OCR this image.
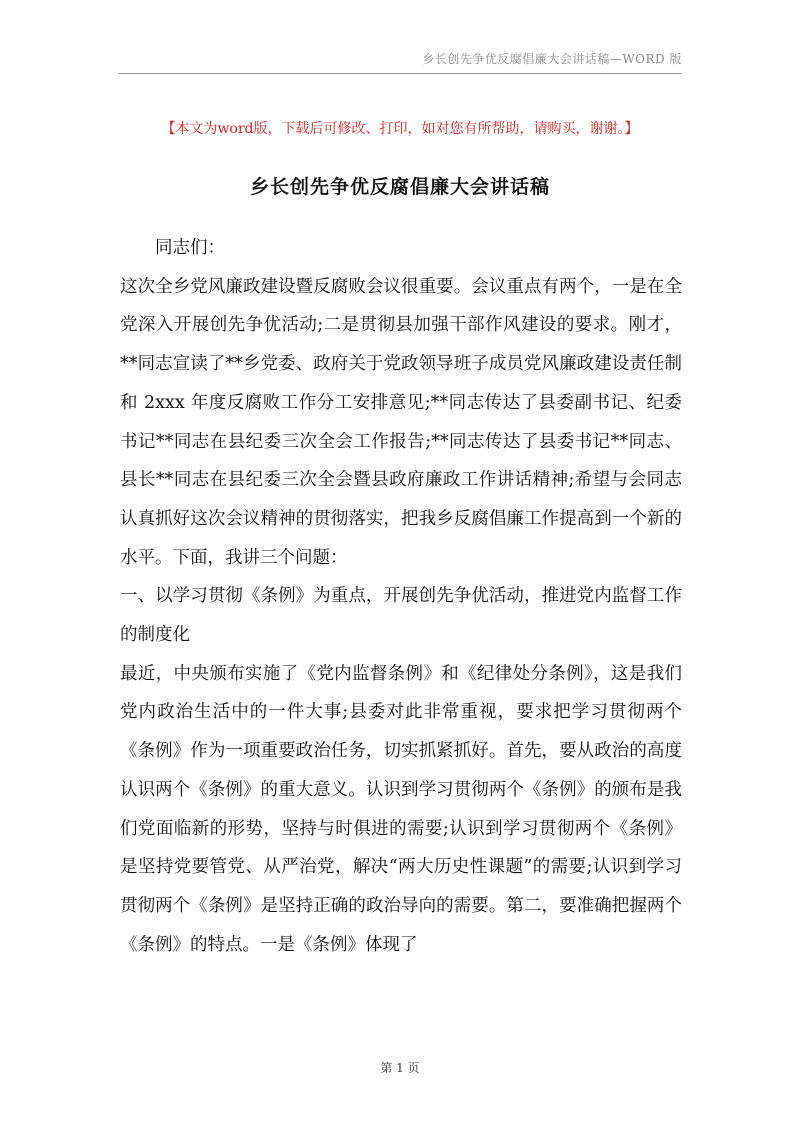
乡长创先争优反腐倡廉大会讲话稿—WORD 版
【本文为word版，下载后可修改、打印，如对您有所帮助，请购买，谢谢。】
乡长创先争优反腐倡廉大会讲话稿

同志们：

这次全乡党风廉政建设暨反腐败会议很重要。会议重点有两个，一是在全党深入开展创先争优活动;二是贯彻县加强干部作风建设的要求。刚才，**同志宣读了**乡党委、政府关于党政领导班子成员党风廉政建设责任制和 2xxx 年度反腐败工作分工安排意见;**同志传达了县委副书记、纪委书记**同志在县纪委三次全会工作报告;**同志传达了县委书记**同志、县长**同志在县纪委三次全会暨县政府廉政工作讲话精神;希望与会同志认真抓好这次会议精神的贯彻落实，把我乡反腐倡廉工作提高到一个新的水平。下面，我讲三个问题：

一、以学习贯彻《条例》为重点，开展创先争优活动，推进党内监督工作的制度化

最近，中央颁布实施了《党内监督条例》和《纪律处分条例》，这是我们党内政治生活中的一件大事;县委对此非常重视，要求把学习贯彻两个《条例》作为一项重要政治任务，切实抓紧抓好。首先，要从政治的高度认识两个《条例》的重大意义。认识到学习贯彻两个《条例》的颁布是我们党面临新的形势，坚持与时俱进的需要;认识到学习贯彻两个《条例》是坚持党要管党、从严治党，解决“两大历史性课题”的需要;认识到学习贯彻两个《条例》是坚持正确的政治导向的需要。第二，要准确把握两个《条例》的特点。一是《条例》体现了

第 1 页
